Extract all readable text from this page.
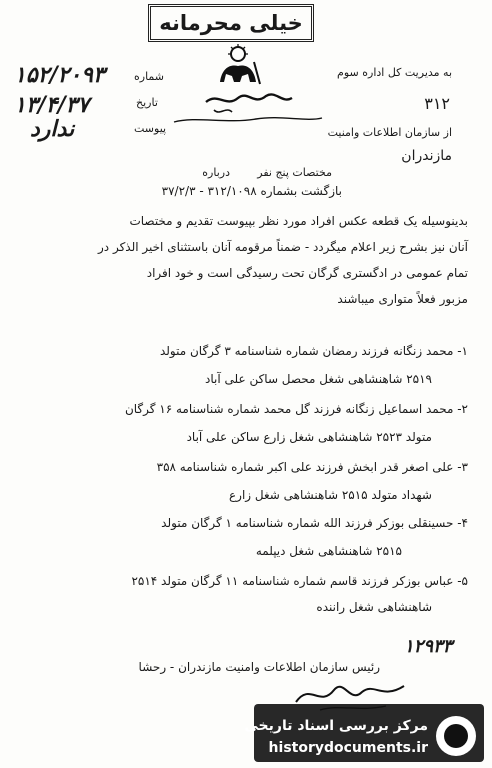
خیلی محرمانه
به مدیریت کل اداره سوم
۳۱۲
از سازمان اطلاعات وامنیت
مازندران
شماره
۱۵۲/۲۰۹۳
تاریخ
۱۳/۴/۳۷
پیوست
ندارد
درباره مختصات پنج نفر
بازگشت بشماره ۳۱۲/۱۰۹۸ - ۳۷/۲/۳
بدینوسیله یک قطعه عکس افراد مورد نظر بپیوست تقدیم و مختصات
آنان نیز بشرح زیر اعلام میگردد - ضمناً مرقومه آنان باستثنای اخیر الذکر در
تمام عمومی در ادگستری گرگان تحت رسیدگی است و خود افراد
مزبور فعلاً متواری میباشند
۱- محمد زنگانه فرزند رمضان شماره شناسنامه ۳ گرگان متولد
۲۵۱۹ شاهنشاهی شغل محصل ساکن علی آباد
۲- محمد اسماعیل زنگانه فرزند گل محمد شماره شناسنامه ۱۶ گرگان
متولد ۲۵۲۳ شاهنشاهی شغل زارع ساکن علی آباد
۳- علی اصغر قدر ابخش فرزند علی اکبر شماره شناسنامه ۳۵۸
شهداد متولد ۲۵۱۵ شاهنشاهی شغل زارع
۴- حسینقلی بوزکر فرزند الله شماره شناسنامه ۱ گرگان متولد
۲۵۱۵ شاهنشاهی شغل دیپلمه
۵- عباس بوزکر فرزند قاسم شماره شناسنامه ۱۱ گرگان متولد ۲۵۱۴
شاهنشاهی شغل راننده
۱۲۹۳۳
رئیس سازمان اطلاعات وامنیت مازندران - رحشا
مرکز بررسی اسناد تاریخی
historydocuments.ir
